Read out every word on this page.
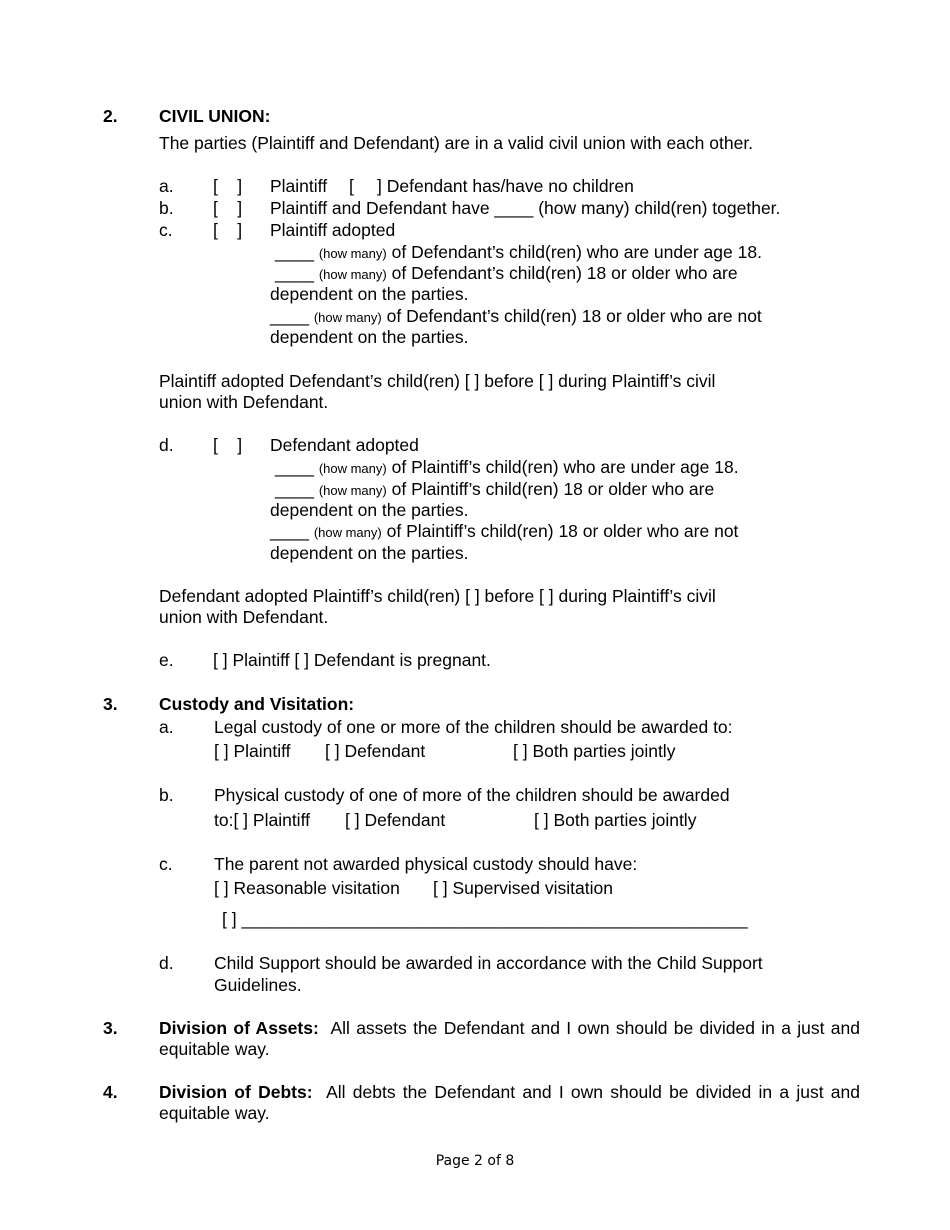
2. CIVIL UNION:
The parties (Plaintiff and Defendant) are in a valid civil union with each other.
a. [    ] Plaintiff [ ] Defendant has/have no children
b. [    ] Plaintiff and Defendant have ____ (how many) child(ren) together.
c. [    ] Plaintiff adopted
____ (how many) of Defendant’s child(ren) who are under age 18.
____ (how many) of Defendant’s child(ren) 18 or older who are
dependent on the parties.
____ (how many) of Defendant’s child(ren) 18 or older who are not
dependent on the parties.
Plaintiff adopted Defendant’s child(ren) [ ] before [ ] during Plaintiff’s civil
union with Defendant.
d. [    ] Defendant adopted
____ (how many) of Plaintiff’s child(ren) who are under age 18.
____ (how many) of Plaintiff’s child(ren) 18 or older who are
dependent on the parties.
____ (how many) of Plaintiff’s child(ren) 18 or older who are not
dependent on the parties.
Defendant adopted Plaintiff’s child(ren) [ ] before [ ] during Plaintiff’s civil
union with Defendant.
e. [ ] Plaintiff [ ] Defendant is pregnant.
3. Custody and Visitation:
a. Legal custody of one or more of the children should be awarded to:
[ ] Plaintiff [ ] Defendant	[ ] Both parties jointly
b. Physical custody of one of more of the children should be awarded
to:[ ] Plaintiff [ ] Defendant	[ ] Both parties jointly
c. The parent not awarded physical custody should have:
[ ] Reasonable visitation [ ] Supervised visitation
[ ] ____________________________________________________
d. Child Support should be awarded in accordance with the Child Support
Guidelines.
3. Division of Assets: All assets the Defendant and I own should be divided in a just and equitable way.
4. Division of Debts: All debts the Defendant and I own should be divided in a just and equitable way.
Page 2 of 8
